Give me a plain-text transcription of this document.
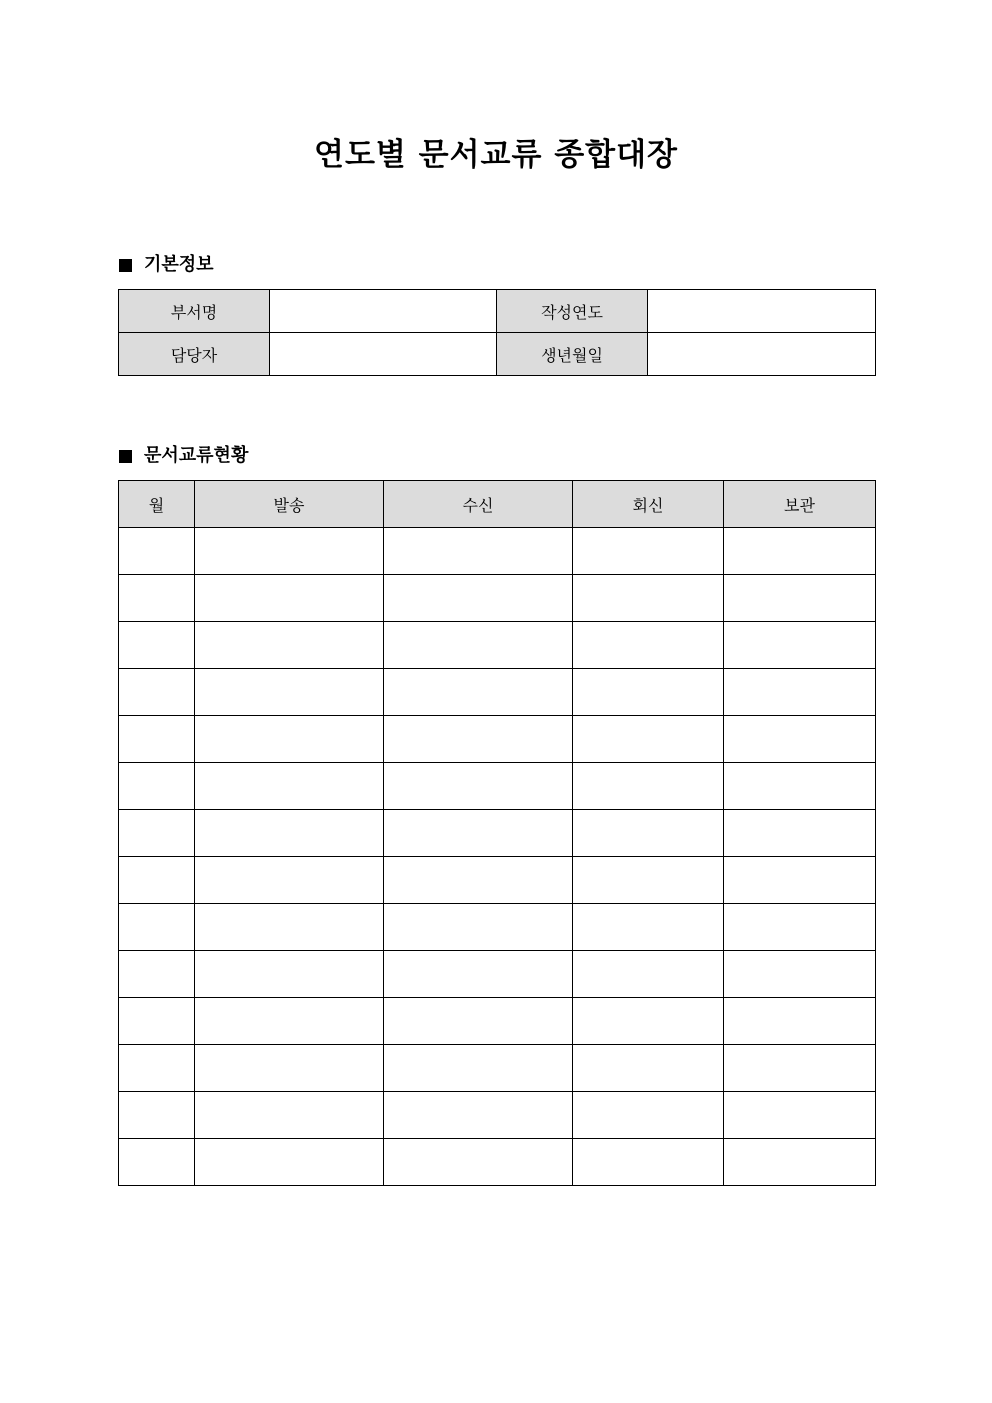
연도별 문서교류 종합대장
기본정보
부서명		작성연도	
담당자		생년월일	
문서교류현황
월	발송	수신	회신	보관
